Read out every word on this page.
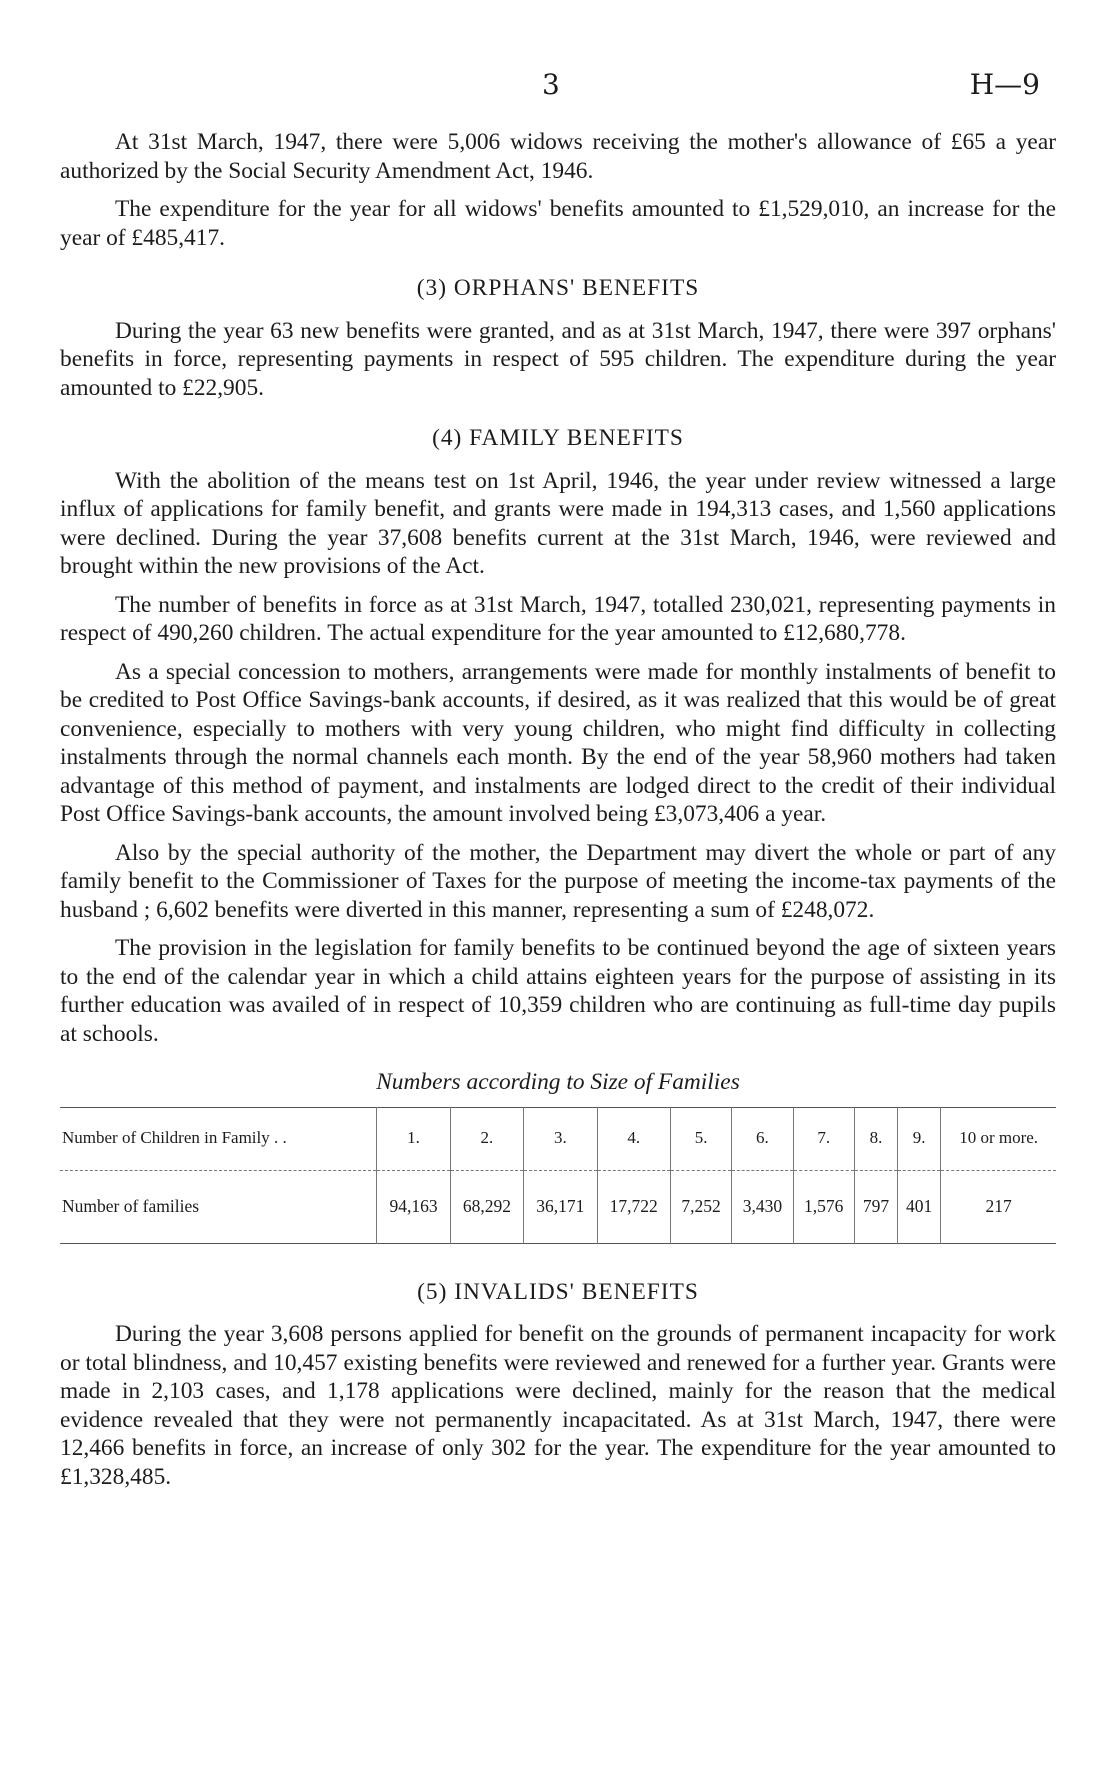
3	H—9

At 31st March, 1947, there were 5,006 widows receiving the mother's allowance of £65 a year authorized by the Social Security Amendment Act, 1946.

The expenditure for the year for all widows' benefits amounted to £1,529,010, an increase for the year of £485,417.

(3) ORPHANS' BENEFITS

During the year 63 new benefits were granted, and as at 31st March, 1947, there were 397 orphans' benefits in force, representing payments in respect of 595 children. The expenditure during the year amounted to £22,905.

(4) FAMILY BENEFITS

With the abolition of the means test on 1st April, 1946, the year under review witnessed a large influx of applications for family benefit, and grants were made in 194,313 cases, and 1,560 applications were declined. During the year 37,608 benefits current at the 31st March, 1946, were reviewed and brought within the new provisions of the Act.

The number of benefits in force as at 31st March, 1947, totalled 230,021, representing payments in respect of 490,260 children. The actual expenditure for the year amounted to £12,680,778.

As a special concession to mothers, arrangements were made for monthly instalments of benefit to be credited to Post Office Savings-bank accounts, if desired, as it was realized that this would be of great convenience, especially to mothers with very young children, who might find difficulty in collecting instalments through the normal channels each month. By the end of the year 58,960 mothers had taken advantage of this method of payment, and instalments are lodged direct to the credit of their individual Post Office Savings-bank accounts, the amount involved being £3,073,406 a year.

Also by the special authority of the mother, the Department may divert the whole or part of any family benefit to the Commissioner of Taxes for the purpose of meeting the income-tax payments of the husband ; 6,602 benefits were diverted in this manner, representing a sum of £248,072.

The provision in the legislation for family benefits to be continued beyond the age of sixteen years to the end of the calendar year in which a child attains eighteen years for the purpose of assisting in its further education was availed of in respect of 10,359 children who are continuing as full-time day pupils at schools.

Numbers according to Size of Families
Number of Children in Family . .	1.	2.	3.	4.	5.	6.	7.	8.	9.	10 or more.
Number of families	94,163	68,292	36,171	17,722	7,252	3,430	1,576	797	401	217
(5) INVALIDS' BENEFITS

During the year 3,608 persons applied for benefit on the grounds of permanent incapacity for work or total blindness, and 10,457 existing benefits were reviewed and renewed for a further year. Grants were made in 2,103 cases, and 1,178 applications were declined, mainly for the reason that the medical evidence revealed that they were not permanently incapacitated. As at 31st March, 1947, there were 12,466 benefits in force, an increase of only 302 for the year. The expenditure for the year amounted to £1,328,485.
